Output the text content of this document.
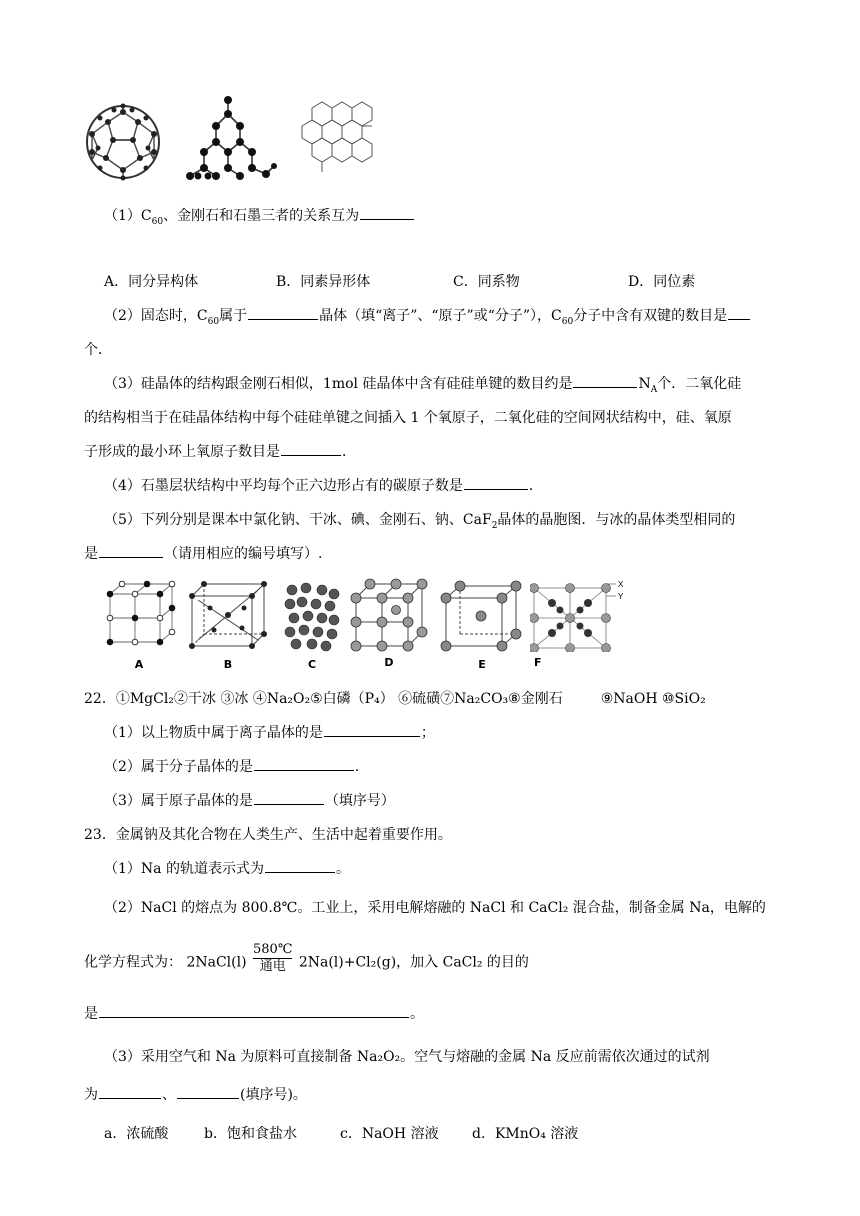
$(1)C_{60}$、金刚石和石墨三者的关系互为
A．同分异构体	B．同素异形体	C．同系物	D．同位素
（2）固态时，$C_{60}$属于	晶体（填“离子”、“原子”或“分子”），$C_{60}$分子中含有双键的数目是
个．
（3）硅晶体的结构跟金刚石相似，1mol 硅晶体中含有硅硅单键的数目约是	$N_A$个．二氧化硅
的结构相当于在硅晶体结构中每个硅硅单键之间插入 1 个氧原子，二氧化硅的空间网状结构中，硅、氧原
子形成的最小环上氧原子数目是	．
（4）石墨层状结构中平均每个正六边形占有的碳原子数是	．
（5）下列分别是课本中氯化钠、干冰、碘、金刚石、钠、CaF$_2$晶体的晶胞图．与冰的晶体类型相同的
是	（请用相应的编号填写）.
A	B	C	D	E
X
Y
F
22．①MgCl₂②干冰 ③冰 ④Na₂O₂⑤白磷（P₄） ⑥硫磺⑦Na₂CO₃⑧金刚石	⑨NaOH ⑩SiO₂
（1）以上物质中属于离子晶体的是	；
（2）属于分子晶体的是	.
（3）属于原子晶体的是	（填序号）
23．金属钠及其化合物在人类生产、生活中起着重要作用。
（1）Na 的轨道表示式为	。
（2）NaCl 的熔点为 800.8℃。工业上，采用电解熔融的 NaCl 和 CaCl₂ 混合盐，制备金属 Na，电解的
化学方程式为： 2NaCl(l)
580℃
通电 2Na(l)+Cl₂(g)，加入 CaCl₂ 的目的
是	。
（3）采用空气和 Na 为原料可直接制备 Na₂O₂。空气与熔融的金属 Na 反应前需依次通过的试剂
为	、	(填序号)。
a．浓硫酸	b．饱和食盐水	c．NaOH 溶液 d．KMnO₄ 溶液
